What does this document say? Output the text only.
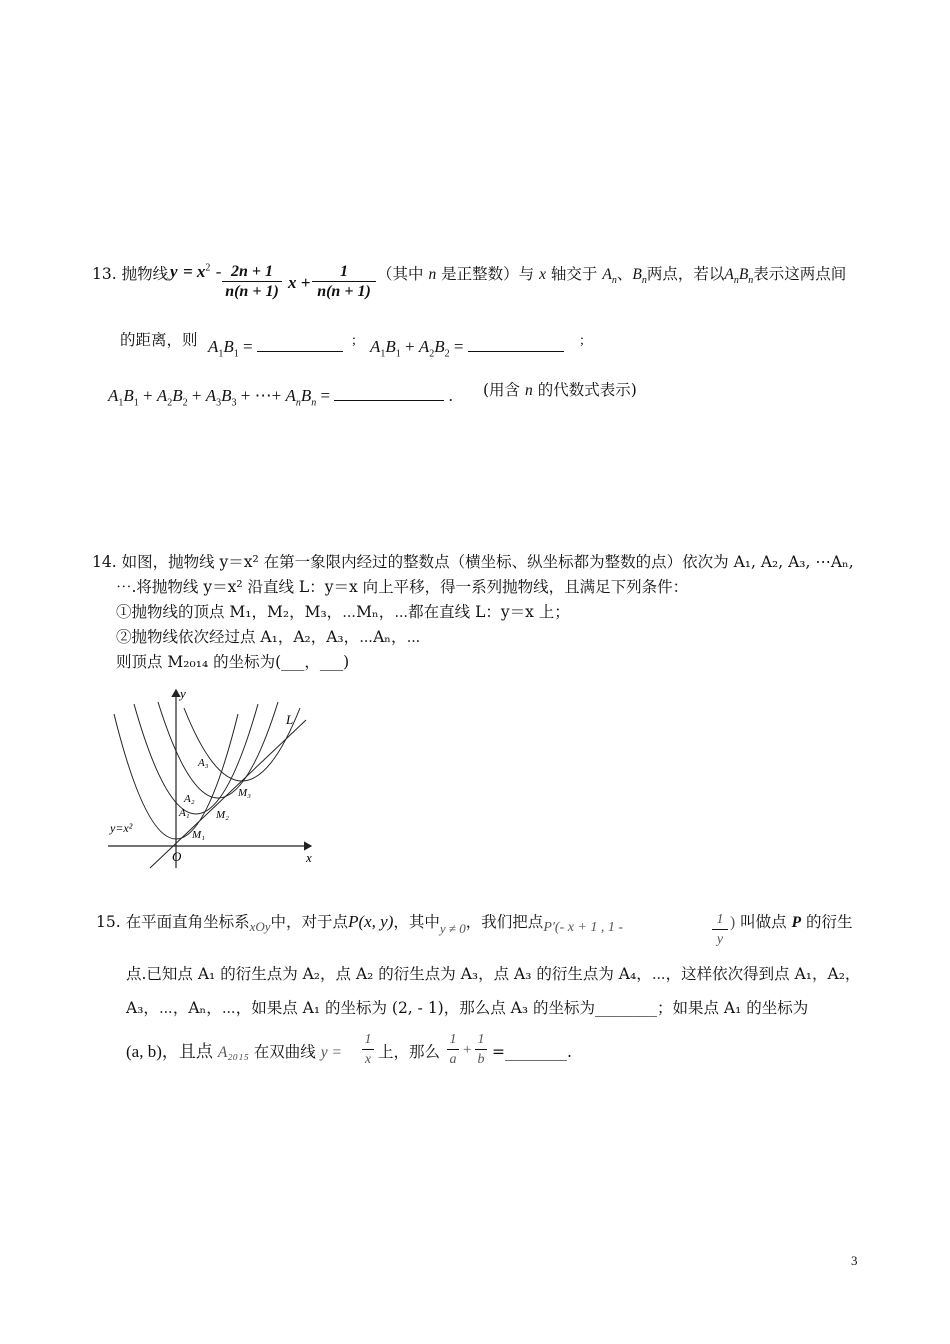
13. 抛物线 $y = x^2 - \frac{2n + 1}{n(n + 1)}$ $x + \frac{1}{n(n + 1)}$ （其中 n 是正整数）与 x 轴交于 $A_n$、$B_n$两点，若以$A_nB_n$表示这两点间
的距离，则 $A_1B_1$ =	; $A_1B_1 + A_2B_2$ =	;
$A_1B_1 + A_2B_2 + A_3B_3$ + ⋯+ $A_nB_n$ =	. (用含 n 的代数式表示)
14. 如图，抛物线 y＝x² 在第一象限内经过的整数点（横坐标、纵坐标都为整数的点）依次为 A₁, A₂, A₃, ⋯Aₙ,
⋯.将抛物线 y＝x² 沿直线 L：y＝x 向上平移，得一系列抛物线，且满足下列条件：
①抛物线的顶点 M₁，M₂，M₃，⋯Mₙ，⋯都在直线 L：y＝x 上；
②抛物线依次经过点 A₁，A₂，A₃，⋯Aₙ，⋯
则顶点 M₂₀₁₄ 的坐标为(___，___)
y
x
O
L
y=x²
A₁
A₂
A₃
M₁
M₂
M₃
15. 在平面直角坐标系$_{xOy}$中，对于点P(x, y)，其中$_{y \ne 0}$，我们把点P′(- x + 1 , 1 -	$\frac{1}{y}$ ) 叫做点 P 的衍生
点.已知点 A₁ 的衍生点为 A₂，点 A₂ 的衍生点为 A₃，点 A₃ 的衍生点为 A₄，⋯，这样依次得到点 A₁，A₂，
A₃，⋯，Aₙ，⋯，如果点 A₁ 的坐标为 (2, - 1)，那么点 A₃ 的坐标为________；如果点 A₁ 的坐标为
(a, b)，且点 A₂₀₁₅ 在双曲线 $y = \frac{1}{x}$ 上，那么 $\frac{1}{a} + \frac{1}{b}$ =________.
3
